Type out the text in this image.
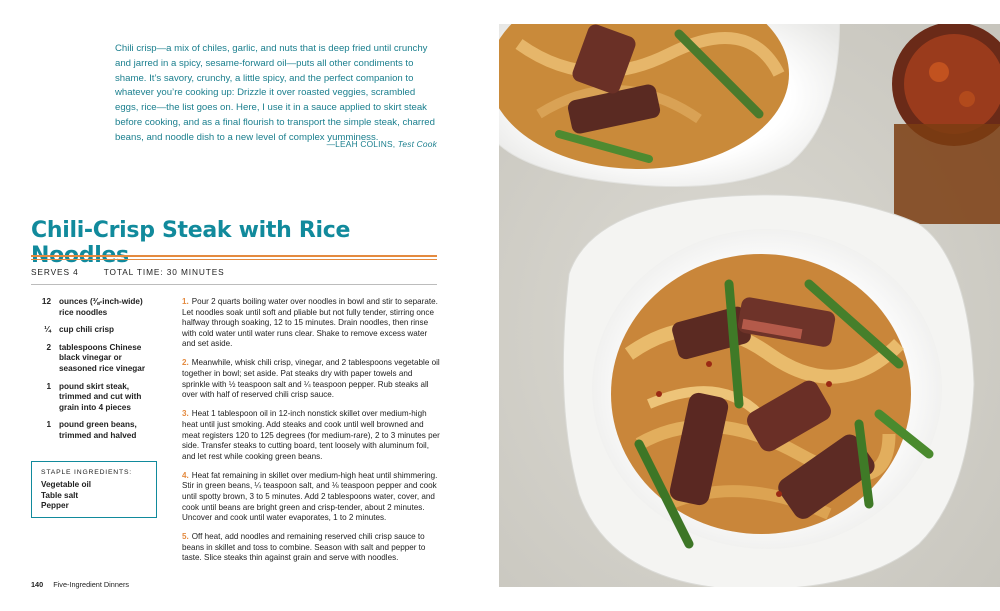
Chili crisp—a mix of chiles, garlic, and nuts that is deep fried until crunchy and jarred in a spicy, sesame-forward oil—puts all other condiments to shame. It’s savory, crunchy, a little spicy, and the perfect companion to whatever you’re cooking up: Drizzle it over roasted veggies, scrambled eggs, rice—the list goes on. Here, I use it in a sauce applied to skirt steak before cooking, and as a final flourish to transport the simple steak, charred beans, and noodle dish to a new level of complex yumminess.

—LEAH COLINS, Test Cook
Chili-Crisp Steak with Rice
SERVES 4	TOTAL TIME: 30 MINUTES
12 ounces (⅜-inch-wide) rice noodles
¼ cup chili crisp
2 tablespoons Chinese black vinegar or seasoned rice vinegar
1 pound skirt steak, trimmed and cut with grain into 4 pieces
1 pound green beans, trimmed and halved
STAPLE INGREDIENTS:
Vegetable oil
Table salt
Pepper

1. Pour 2 quarts boiling water over noodles in bowl and stir to separate. Let noodles soak until soft and pliable but not fully tender, stirring once halfway through soaking, 12 to 15 minutes. Drain noodles, then rinse with cold water until water runs clear. Shake to remove excess water and set aside.

2. Meanwhile, whisk chili crisp, vinegar, and 2 tablespoons vegetable oil together in bowl; set aside. Pat steaks dry with paper towels and sprinkle with ½ teaspoon salt and ¼ teaspoon pepper. Rub steaks all over with half of reserved chili crisp sauce.

3. Heat 1 tablespoon oil in 12-inch nonstick skillet over medium-high heat until just smoking. Add steaks and cook until well browned and meat registers 120 to 125 degrees (for medium-rare), 2 to 3 minutes per side. Transfer steaks to cutting board, tent loosely with aluminum foil, and let rest while cooking green beans.

4. Heat fat remaining in skillet over medium-high heat until shimmering. Stir in green beans, ¼ teaspoon salt, and ⅛ teaspoon pepper and cook until spotty brown, 3 to 5 minutes. Add 2 tablespoons water, cover, and cook until beans are bright green and crisp-tender, about 2 minutes. Uncover and cook until water evaporates, 1 to 2 minutes.

5. Off heat, add noodles and remaining reserved chili crisp sauce to beans in skillet and toss to combine. Season with salt and pepper to taste. Slice steaks thin against grain and serve with noodles.

140 Five-Ingredient Dinners
